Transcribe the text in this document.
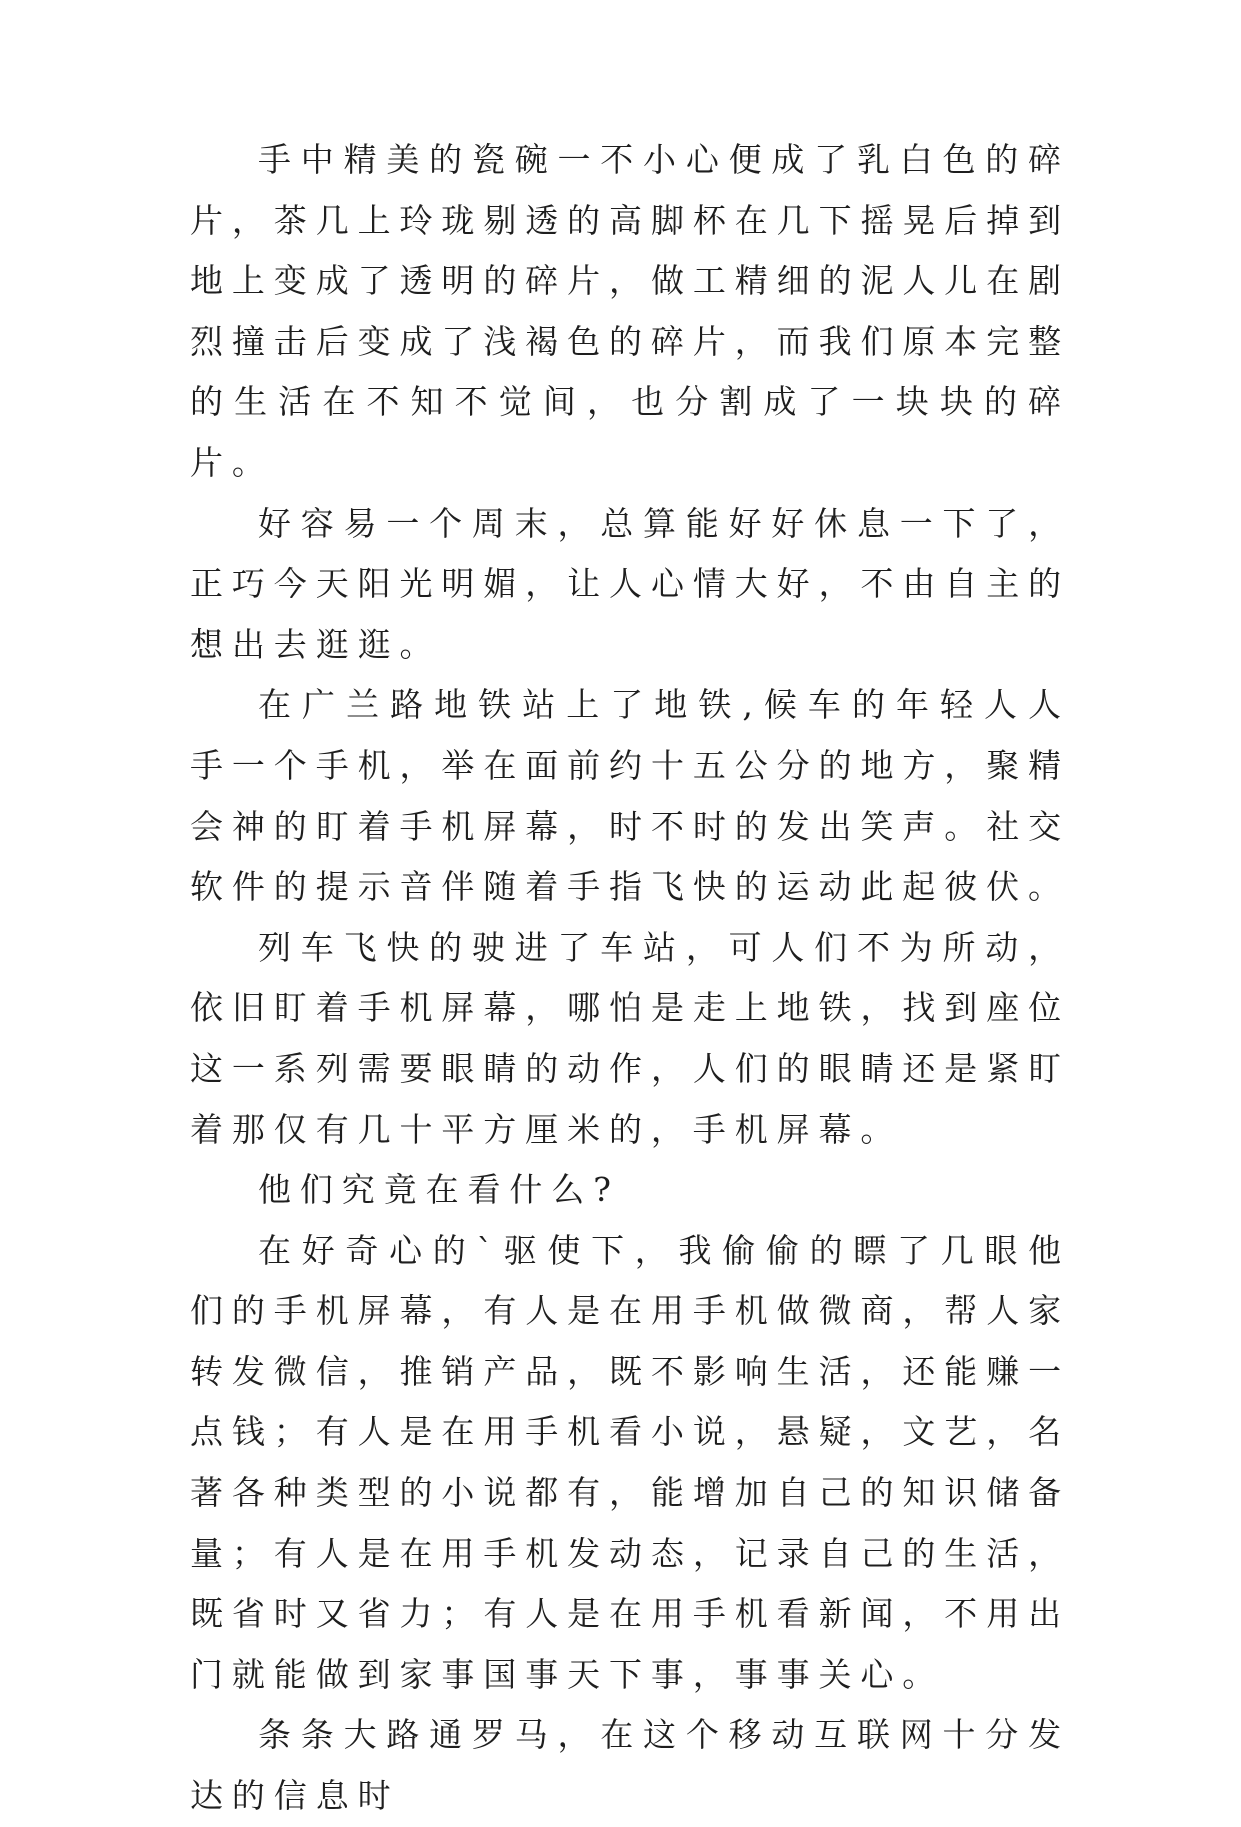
手中精美的瓷碗一不小心便成了乳白色的碎片，茶几上玲珑剔透的高脚杯在几下摇晃后掉到地上变成了透明的碎片，做工精细的泥人儿在剧烈撞击后变成了浅褐色的碎片，而我们原本完整的生活在不知不觉间，也分割成了一块块的碎片。

好容易一个周末，总算能好好休息一下了，正巧今天阳光明媚，让人心情大好，不由自主的想出去逛逛。

在广兰路地铁站上了地铁,候车的年轻人人手一个手机，举在面前约十五公分的地方，聚精会神的盯着手机屏幕，时不时的发出笑声。社交软件的提示音伴随着手指飞快的运动此起彼伏。

列车飞快的驶进了车站，可人们不为所动，依旧盯着手机屏幕，哪怕是走上地铁，找到座位这一系列需要眼睛的动作，人们的眼睛还是紧盯着那仅有几十平方厘米的，手机屏幕。

他们究竟在看什么?

在好奇心的`驱使下，我偷偷的瞟了几眼他们的手机屏幕，有人是在用手机做微商，帮人家转发微信，推销产品，既不影响生活，还能赚一点钱；有人是在用手机看小说，悬疑，文艺，名著各种类型的小说都有，能增加自己的知识储备量；有人是在用手机发动态，记录自己的生活，既省时又省力；有人是在用手机看新闻，不用出门就能做到家事国事天下事，事事关心。

条条大路通罗马，在这个移动互联网十分发达的信息时
